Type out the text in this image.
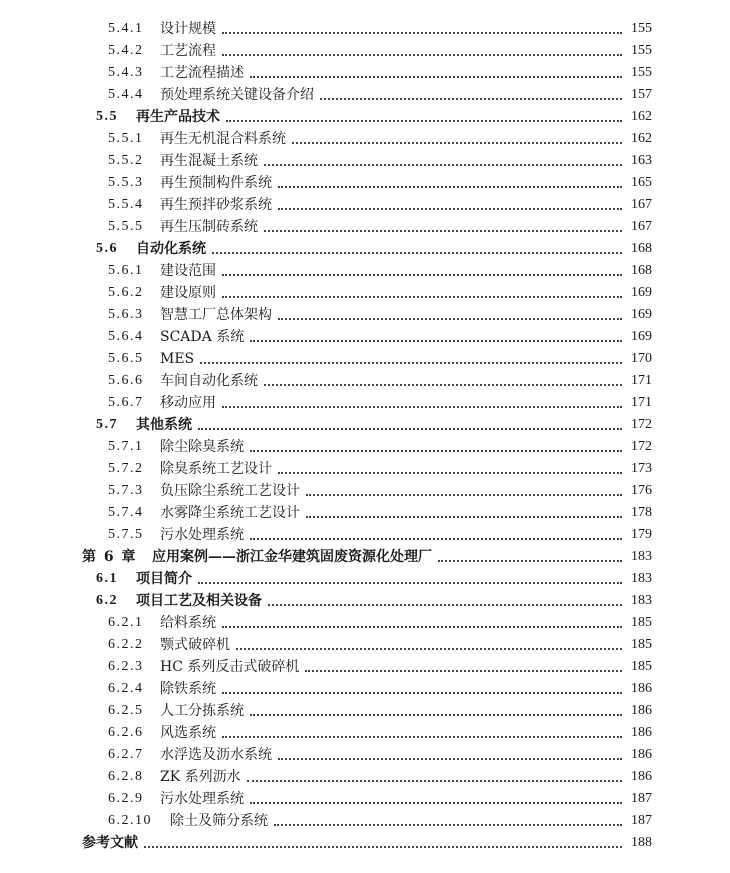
5.4.1 设计规模	155
5.4.2 工艺流程	155
5.4.3 工艺流程描述	155
5.4.4 预处理系统关键设备介绍	157
5.5 再生产品技术	162
5.5.1 再生无机混合料系统	162
5.5.2 再生混凝土系统	163
5.5.3 再生预制构件系统	165
5.5.4 再生预拌砂浆系统	167
5.5.5 再生压制砖系统	167
5.6 自动化系统	168
5.6.1 建设范围	168
5.6.2 建设原则	169
5.6.3 智慧工厂总体架构	169
5.6.4 SCADA 系统	169
5.6.5 MES	170
5.6.6 车间自动化系统	171
5.6.7 移动应用	171
5.7 其他系统	172
5.7.1 除尘除臭系统	172
5.7.2 除臭系统工艺设计	173
5.7.3 负压除尘系统工艺设计	176
5.7.4 水雾降尘系统工艺设计	178
5.7.5 污水处理系统	179
第 6 章 应用案例——浙江金华建筑固废资源化处理厂	183
6.1 项目简介	183
6.2 项目工艺及相关设备	183
6.2.1 给料系统	185
6.2.2 颚式破碎机	185
6.2.3 HC 系列反击式破碎机	185
6.2.4 除铁系统	186
6.2.5 人工分拣系统	186
6.2.6 风选系统	186
6.2.7 水浮选及沥水系统	186
6.2.8 ZK 系列沥水	186
6.2.9 污水处理系统	187
6.2.10 除土及筛分系统	187
参考文献	188
